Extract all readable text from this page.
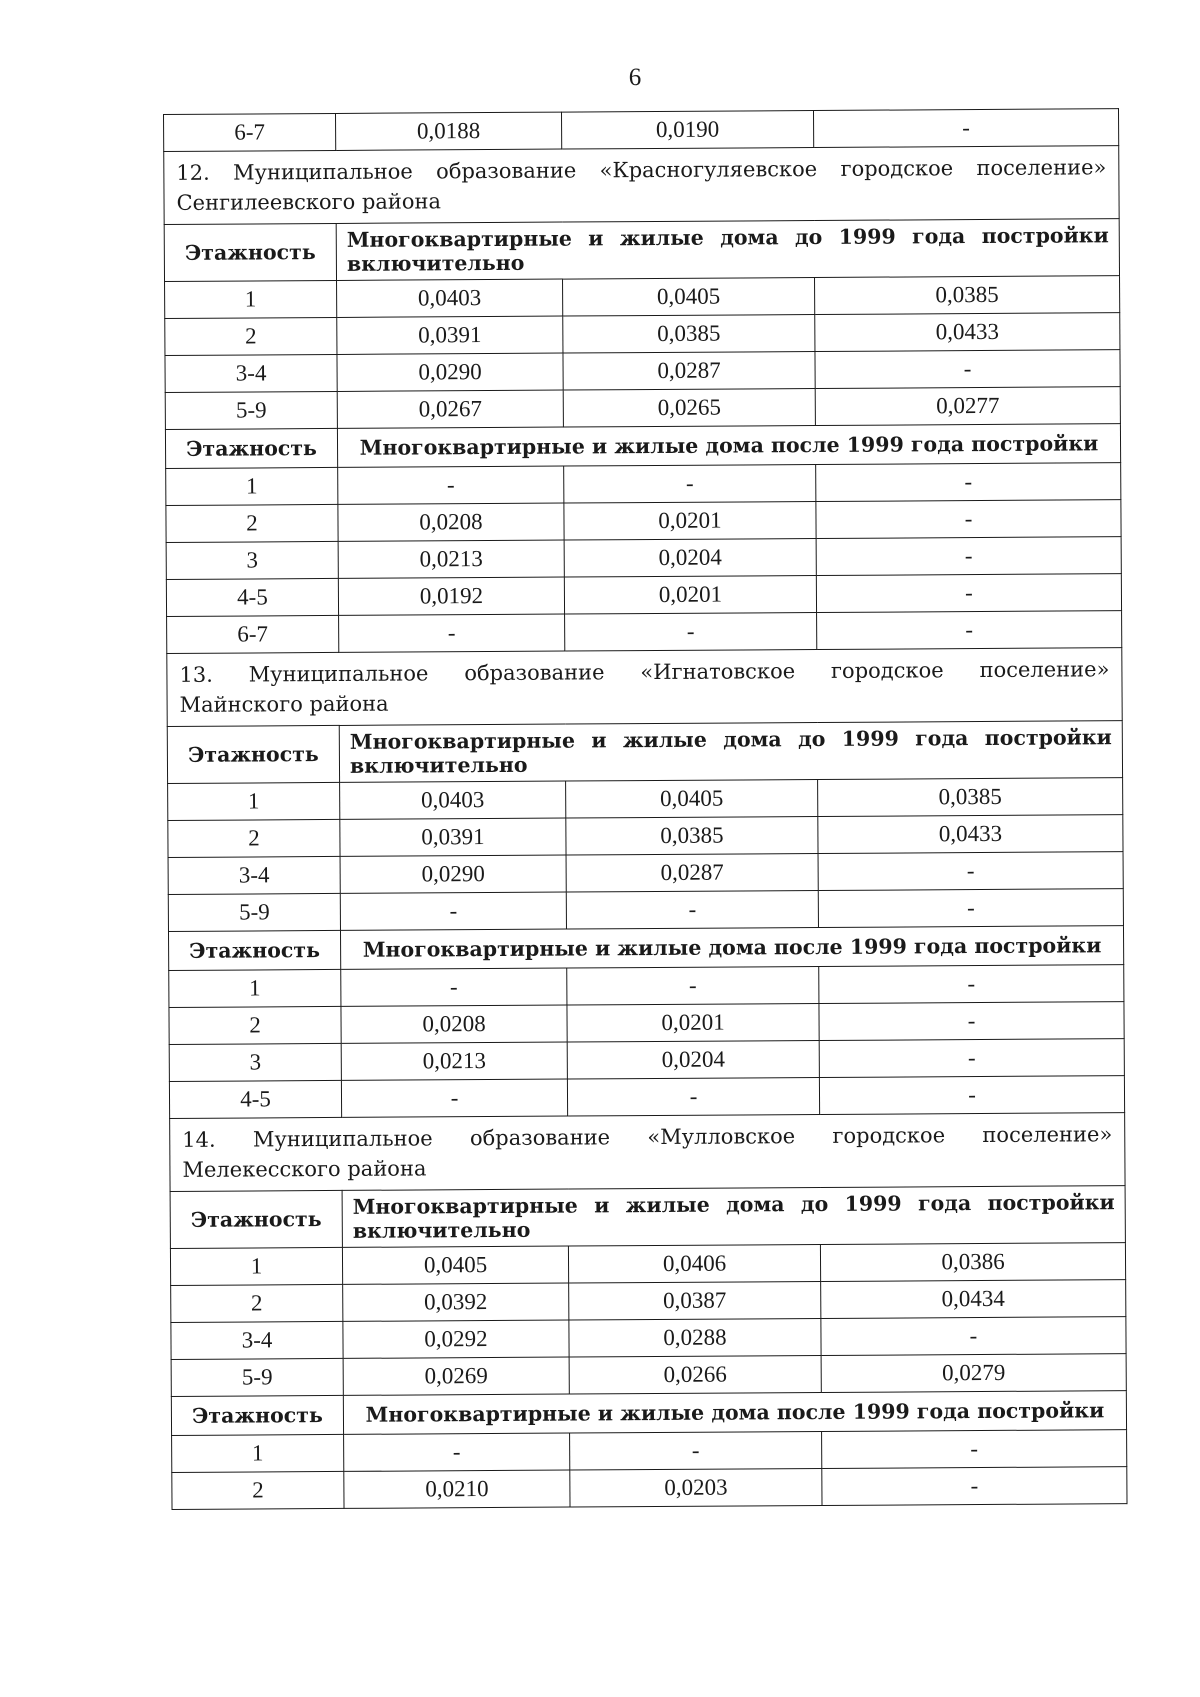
6
6-7	0,0188	0,0190	-

12. Муниципальное образование «Красногуляевское городское поселение»
Сенгилеевского района			

Этажность	Многоквартирные и жилые дома до 1999 года постройки включительно		
1	0,0403	0,0405	0,0385
2	0,0391	0,0385	0,0433
3-4	0,0290	0,0287	-
5-9	0,0267	0,0265	0,0277
Этажность	Многоквартирные и жилые дома после 1999 года постройки		
1	-	-	-
2	0,0208	0,0201	-
3	0,0213	0,0204	-
4-5	0,0192	0,0201	-
6-7	-	-	-

13. Муниципальное образование «Игнатовское городское поселение»
Майнского района			

Этажность	Многоквартирные и жилые дома до 1999 года постройки включительно		
1	0,0403	0,0405	0,0385
2	0,0391	0,0385	0,0433
3-4	0,0290	0,0287	-
5-9	-	-	-
Этажность	Многоквартирные и жилые дома после 1999 года постройки		
1	-	-	-
2	0,0208	0,0201	-
3	0,0213	0,0204	-
4-5	-	-	-

14. Муниципальное образование «Мулловское городское поселение»
Мелекесского района			

Этажность	Многоквартирные и жилые дома до 1999 года постройки включительно		
1	0,0405	0,0406	0,0386
2	0,0392	0,0387	0,0434
3-4	0,0292	0,0288	-
5-9	0,0269	0,0266	0,0279
Этажность	Многоквартирные и жилые дома после 1999 года постройки		
1	-	-	-
2	0,0210	0,0203	-
